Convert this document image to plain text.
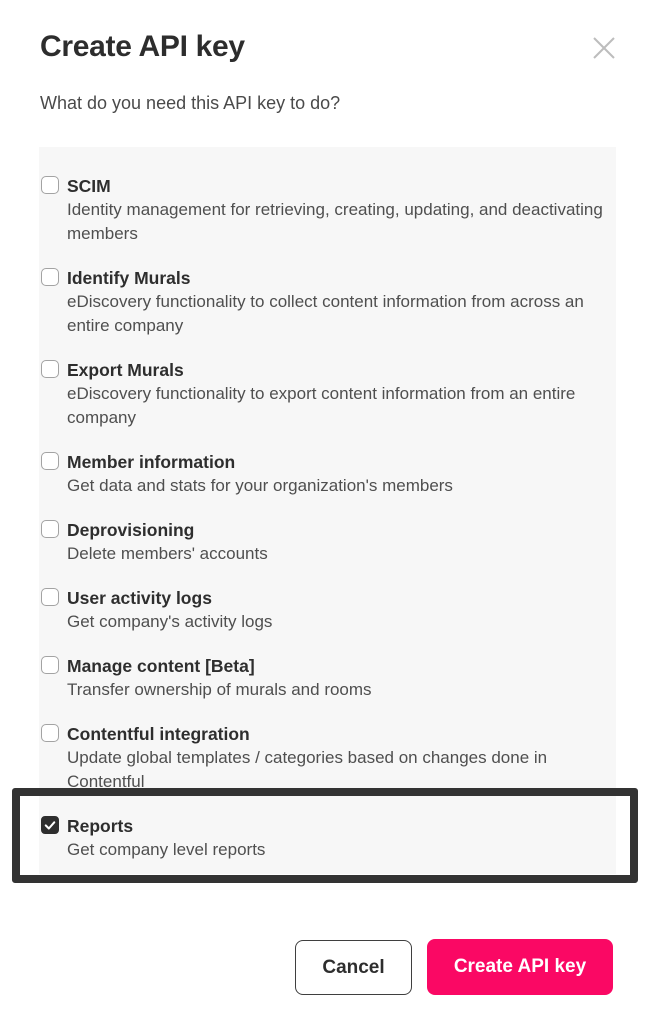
Create API key

What do you need this API key to do?

SCIM
Identity management for retrieving, creating, updating, and deactivating members
Identify Murals
eDiscovery functionality to collect content information from across an entire company
Export Murals
eDiscovery functionality to export content information from an entire company
Member information
Get data and stats for your organization's members
Deprovisioning
Delete members' accounts
User activity logs
Get company's activity logs
Manage content [Beta]
Transfer ownership of murals and rooms
Contentful integration
Update global templates / categories based on changes done in Contentful
Reports
Get company level reports
Cancel	Create API key
